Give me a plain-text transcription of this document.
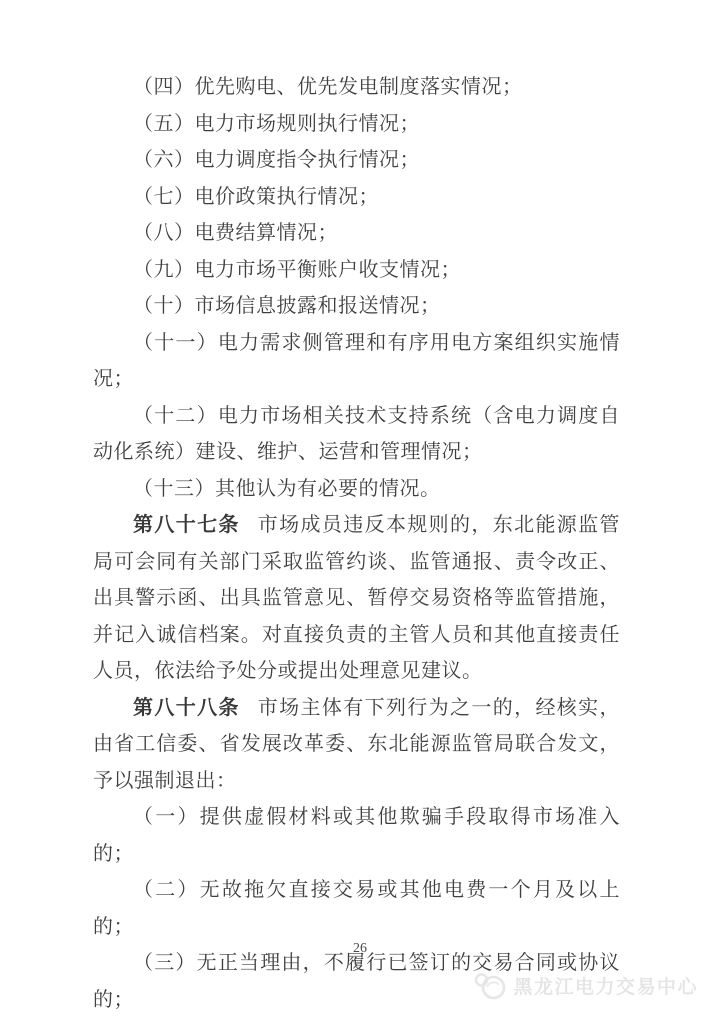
（四）优先购电、优先发电制度落实情况；

（五）电力市场规则执行情况；

（六）电力调度指令执行情况；

（七）电价政策执行情况；

（八）电费结算情况；

（九）电力市场平衡账户收支情况；

（十）市场信息披露和报送情况；

（十一）电力需求侧管理和有序用电方案组织实施情况；

（十二）电力市场相关技术支持系统（含电力调度自动化系统）建设、维护、运营和管理情况；

（十三）其他认为有必要的情况。

第八十七条 市场成员违反本规则的，东北能源监管局可会同有关部门采取监管约谈、监管通报、责令改正、出具警示函、出具监管意见、暂停交易资格等监管措施，并记入诚信档案。对直接负责的主管人员和其他直接责任人员，依法给予处分或提出处理意见建议。

第八十八条 市场主体有下列行为之一的，经核实，由省工信委、省发展改革委、东北能源监管局联合发文，予以强制退出：

（一）提供虚假材料或其他欺骗手段取得市场准入的；

（二）无故拖欠直接交易或其他电费一个月及以上的；

（三）无正当理由，不履行已签订的交易合同或协议的；

26
黑龙江电力交易中心
